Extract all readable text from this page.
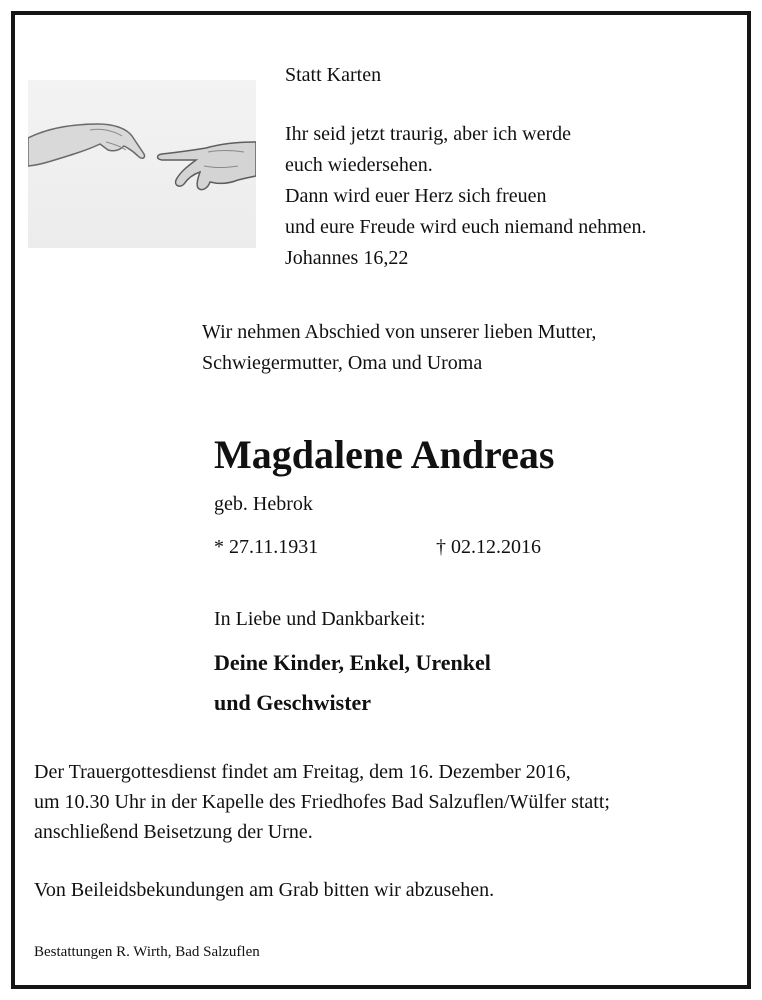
Statt Karten
Ihr seid jetzt traurig, aber ich werde
euch wiedersehen.
Dann wird euer Herz sich freuen
und eure Freude wird euch niemand nehmen.
Johannes 16,22
Wir nehmen Abschied von unserer lieben Mutter,
Schwiegermutter, Oma und Uroma
Magdalene Andreas
geb. Hebrok
* 27.11.1931	† 02.12.2016
In Liebe und Dankbarkeit:
Deine Kinder, Enkel, Urenkel
und Geschwister
Der Trauergottesdienst findet am Freitag, dem 16. Dezember 2016,
um 10.30 Uhr in der Kapelle des Friedhofes Bad Salzuflen/Wülfer statt;
anschließend Beisetzung der Urne.
Von Beileidsbekundungen am Grab bitten wir abzusehen.
Bestattungen R. Wirth, Bad Salzuflen
